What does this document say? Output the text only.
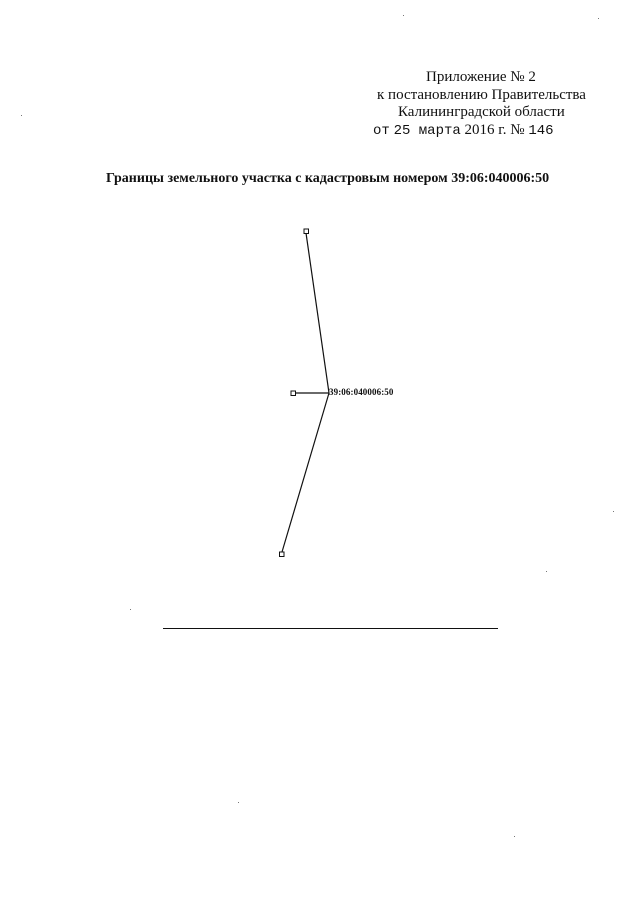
Приложение № 2
к постановлению Правительства
Калининградской области
от 25 марта 2016 г. № 146
Границы земельного участка с кадастровым номером 39:06:040006:50
39:06:040006:50
